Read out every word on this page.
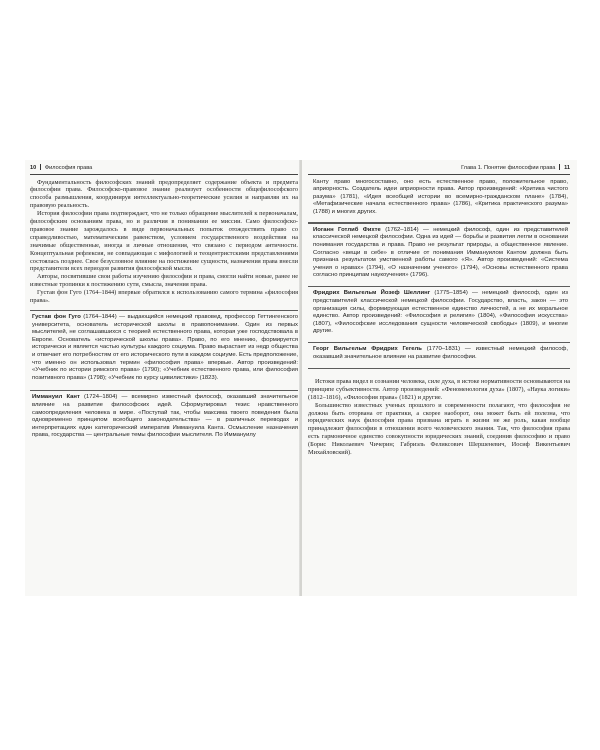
10 Философия права

Фундаментальность философских знаний предопределяет содержание объекта и предмета философии права. Философско-правовое знание реализует особенности общефилософского способа размышления, координируя интеллектуально-теоретические усилия и направляя их на правовую реальность.

История философии права подтверждает, что не только обращение мыслителей к первоначалам, философским основаниям права, но и различия в понимании ее миссии. Само философско-правовое знание зарождалось в виде первоначальных попыток отождествить право со справедливостью, математическим равенством, условием государственного воздействия на значимые общественные, иногда и личные отношения, что связано с периодом античности. Концептуальная рефлексия, не совпадающая с мифологией и теоцентристскими представлениями состоялась позднее. Свое безусловное влияние на постижение сущности, назначения права внесли представители всех периодов развития философской мысли.

Авторы, посвятившие свои работы изучению философии и права, смогли найти новые, ранее не известные тропинки к постижению сути, смысла, значения права.

Густав фон Гуго (1764–1844) впервые обратился к использованию самого термина «философия права».

Густав фон Гуго (1764–1844) — выдающийся немецкий правовед, профессор Геттингенского университета, основатель исторической школы в правопонимании. Один из первых мыслителей, не соглашавшихся с теорией естественного права, которая уже господствовала в Европе. Основатель «исторической школы права». Право, по его мнению, формируется исторически и является частью культуры каждого социума. Право вырастает из недр общества и отвечает его потребностям от его исторического пути в каждом социуме. Есть предположение, что именно он использовал термин «философия права» впервые. Автор произведений: «Учебник по истории римского права» (1790); «Учебник естественного права, или философия позитивного права» (1798); «Учебник по курсу цивилистики» (1823).
Иммануил Кант (1724–1804) — всемирно известный философ, оказавший значительное влияние на развитие философских идей. Сформулировал тезис нравственного самоопределения человека в мире. «Поступай так, чтобы максима твоего поведения была одновременно принципом всеобщего законодательства» — в различных переводах и интерпретациях един категорический императив Иммануила Канта. Осмысление назначения права, государства — центральные темы философии мыслителя. По Иммануилу
Глава 1. Понятие философии права 11
Канту право многосоставно, оно есть естественное право, положительное право, априорность. Создатель идеи априорности права. Автор произведений: «Критика чистого разума» (1781), «Идея всеобщей истории во всемирно-гражданском плане» (1784), «Метафизические начала естественного права» (1786), «Критика практического разума» (1788) и многих других.
Иоганн Готлиб Фихте (1762–1814) — немецкий философ, один из представителей классической немецкой философии. Одна из идей — борьбы и развития легли в основании понимания государства и права. Право не результат природы, а общественное явление. Согласно «вещи в себе» в отличие от понимания Иммануилом Кантом должна быть признана результатом умственной работы самого «Я». Автор произведений: «Система учения о нравах» (1794), «О назначении ученого» (1794), «Основы естественного права согласно принципам наукоучения» (1796).
Фридрих Вильгельм Йозеф Шеллинг (1775–1854) — немецкий философ, один из представителей классической немецкой философии. Государство, власть, закон — это организация силы, формирующая естественное единство личностей, а не их моральное единство. Автор произведений: «Философия и религия» (1804), «Философия искусства» (1807), «Философские исследования сущности человеческой свободы» (1809), и многие другие.
Георг Вильгельм Фридрих Гегель (1770–1831) — известный немецкий философ, оказавший значительное влияние на развитие философии.

Истоки права видел в сознании человека, силе духа, в истоке нормативности основываются на принципе субъективности. Автор произведений: «Феноменология духа» (1807), «Наука логики» (1812–1816), «Философия права» (1821) и другие.

Большинство известных ученых прошлого и современности полагают, что философия не должна быть оторвана от практики, а скорее наоборот, она может быть ей полезна, что юридических наук философия права призвана играть в жизни не же роль, какая вообще принадлежит философии в отношении всего человеческого знания. Так, что философия права есть гармоничное единство совокупности юридических знаний, соединив философию и право (Борис Николаевич Чичерин; Габриэль Феликсович Шершеневич, Иосиф Викентьевич Михайловский).
